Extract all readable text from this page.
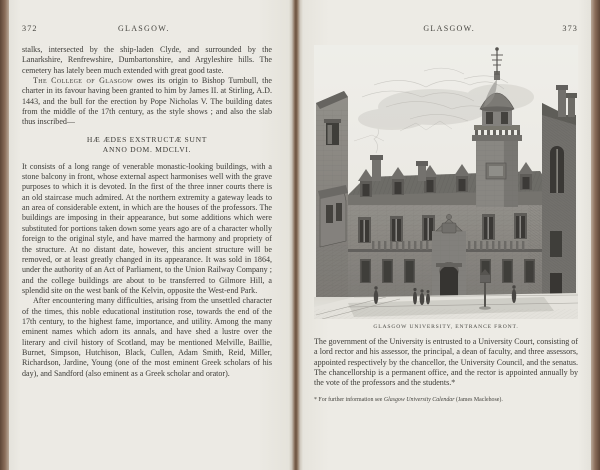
372	GLASGOW.

stalks, intersected by the ship-laden Clyde, and surrounded by the Lanarkshire, Renfrewshire, Dumbartonshire, and Argyleshire hills. The cemetery has lately been much extended with great good taste.

The College of Glasgow owes its origin to Bishop Turnbull, the charter in its favour having been granted to him by James II. at Stirling, A.D. 1443, and the bull for the erection by Pope Nicholas V. The building dates from the middle of the 17th century, as the style shows ; and also the slab thus inscribed—

HÆ ÆDES EXSTRUCTÆ SUNT
ANNO DOM. MDCLVI.

It consists of a long range of venerable monastic-looking buildings, with a stone balcony in front, whose external aspect harmonises well with the grave purposes to which it is devoted. In the first of the three inner courts there is an old staircase much admired. At the northern extremity a gateway leads to an area of considerable extent, in which are the houses of the professors. The buildings are imposing in their appearance, but some additions which were substituted for portions taken down some years ago are of a character wholly foreign to the original style, and have marred the harmony and propriety of the structure. At no distant date, however, this ancient structure will be removed, or at least greatly changed in its appearance. It was sold in 1864, under the authority of an Act of Parliament, to the Union Railway Company ; and the college buildings are about to be transferred to Gilmore Hill, a splendid site on the west bank of the Kelvin, opposite the West-end Park.

After encountering many difficulties, arising from the unsettled character of the times, this noble educational institution rose, towards the end of the 17th century, to the highest fame, importance, and utility. Among the many eminent names which adorn its annals, and have shed a lustre over the literary and civil history of Scotland, may be mentioned Melville, Baillie, Burnet, Simpson, Hutchison, Black, Cullen, Adam Smith, Reid, Miller, Richardson, Jardine, Young (one of the most eminent Greek scholars of his day), and Sandford (also eminent as a Greek scholar and orator).

GLASGOW.	373
GLASGOW UNIVERSITY, ENTRANCE FRONT.

The government of the University is entrusted to a University Court, consisting of a lord rector and his assessor, the principal, a dean of faculty, and three assessors, appointed respectively by the chancellor, the University Council, and the senatus. The chancellorship is a permanent office, and the rector is appointed annually by the vote of the professors and the students.*

* For further information see Glasgow University Calendar (James Maclehose).
